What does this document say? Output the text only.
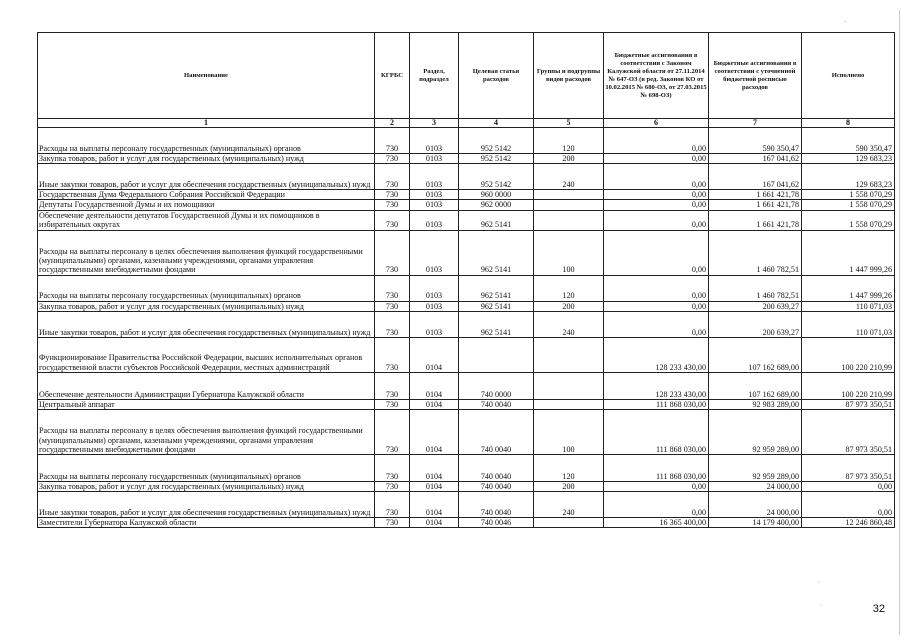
ˊ
·
·
Наименование	КГРБС	Раздел, подраздел	Целевая статья расходов	Группы и подгруппы видов расходов	Бюджетные ассигнования в соответствии с Законом Калужской области от 27.11.2014 № 647-ОЗ (в ред. Законов КО от 10.02.2015 № 680-ОЗ, от 27.03.2015 № 698-ОЗ)	Бюджетные ассигнования в соответствии с уточненной бюджетной росписью расходов	Исполнено
1	2	3	4	5	6	7	8
Расходы на выплаты персоналу государственных (муниципальных) органов	730	0103	952 5142	120	0,00	590 350,47	590 350,47
Закупка товаров, работ и услуг для государственных (муниципальных) нужд	730	0103	952 5142	200	0,00	167 041,62	129 683,23
Иные закупки товаров, работ и услуг для обеспечения государственных (муниципальных) нужд	730	0103	952 5142	240	0,00	167 041,62	129 683,23
Государственная Дума Федерального Собрания Российской Федерации	730	0103	960 0000		0,00	1 661 421,78	1 558 070,29
Депутаты Государственной Думы и их помощники	730	0103	962 0000		0,00	1 661 421,78	1 558 070,29
Обеспечение деятельности депутатов Государственной Думы и их помощников в избирательных округах	730	0103	962 5141		0,00	1 661 421,78	1 558 070,29
Расходы на выплаты персоналу в целях обеспечения выполнения функций государственными (муниципальными) органами, казенными учреждениями, органами управления государственными внебюджетными фондами	730	0103	962 5141	100	0,00	1 460 782,51	1 447 999,26
Расходы на выплаты персоналу государственных (муниципальных) органов	730	0103	962 5141	120	0,00	1 460 782,51	1 447 999,26
Закупка товаров, работ и услуг для государственных (муниципальных) нужд	730	0103	962 5141	200	0,00	200 639,27	110 071,03
Иные закупки товаров, работ и услуг для обеспечения государственных (муниципальных) нужд	730	0103	962 5141	240	0,00	200 639,27	110 071,03
Функционирование Правительства Российской Федерации, высших исполнительных органов государственной власти субъектов Российской Федерации, местных администраций	730	0104			128 233 430,00	107 162 689,00	100 220 210,99
Обеспечение деятельности Администрации Губернатора Калужской области	730	0104	740 0000		128 233 430,00	107 162 689,00	100 220 210,99
Центральный аппарат	730	0104	740 0040		111 868 030,00	92 983 289,00	87 973 350,51
Расходы на выплаты персоналу в целях обеспечения выполнения функций государственными (муниципальными) органами, казенными учреждениями, органами управления государственными внебюджетными фондами	730	0104	740 0040	100	111 868 030,00	92 959 289,00	87 973 350,51
Расходы на выплаты персоналу государственных (муниципальных) органов	730	0104	740 0040	120	111 868 030,00	92 959 289,00	87 973 350,51
Закупка товаров, работ и услуг для государственных (муниципальных) нужд	730	0104	740 0040	200	0,00	24 000,00	0,00
Иные закупки товаров, работ и услуг для обеспечения государственных (муниципальных) нужд	730	0104	740 0040	240	0,00	24 000,00	0,00
Заместители Губернатора Калужской области	730	0104	740 0046		16 365 400,00	14 179 400,00	12 246 860,48
32
